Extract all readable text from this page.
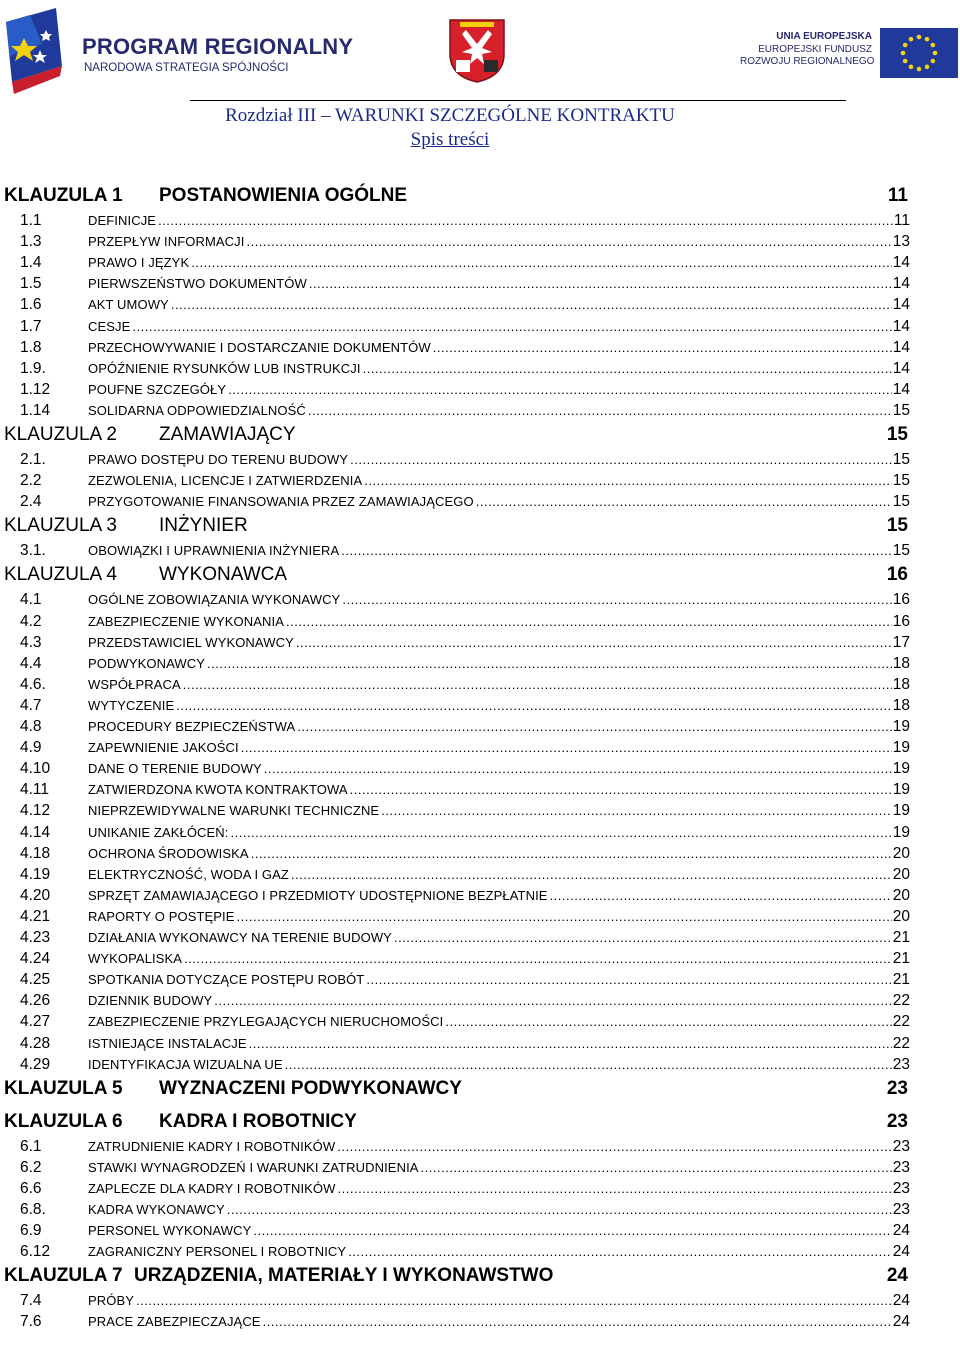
PROGRAM REGIONALNY
NARODOWA STRATEGIA SPÓJNOŚCI
UNIA EUROPEJSKA
EUROPEJSKI FUNDUSZ
ROZWOJU REGIONALNEGO
Rozdział III – WARUNKI SZCZEGÓLNE KONTRAKTU
Spis treści
KLAUZULA 1 POSTANOWIENIA OGÓLNE	11
1.1	DEFINICJE .....	11
1.3	PRZEPŁYW INFORMACJI .....	13
1.4	PRAWO I JĘZYK .....	14
1.5	PIERWSZEŃSTWO DOKUMENTÓW .....	14
1.6	AKT UMOWY .....	14
1.7	CESJE .....	14
1.8	PRZECHOWYWANIE I DOSTARCZANIE DOKUMENTÓW .....	14
1.9.	OPÓŹNIENIE RYSUNKÓW LUB INSTRUKCJI .....	14
1.12	POUFNE SZCZEGÓŁY .....	14
1.14	SOLIDARNA ODPOWIEDZIALNOŚĆ .....	15
KLAUZULA 2 ZAMAWIAJĄCY	15
2.1.	PRAWO DOSTĘPU DO TERENU BUDOWY .....	15
2.2	ZEZWOLENIA, LICENCJE I ZATWIERDZENIA .....	15
2.4	PRZYGOTOWANIE FINANSOWANIA PRZEZ ZAMAWIAJĄCEGO .....	15
KLAUZULA 3 INŻYNIER	15
3.1.	OBOWIĄZKI I UPRAWNIENIA INŻYNIERA .....	15
KLAUZULA 4 WYKONAWCA	16
4.1	OGÓLNE ZOBOWIĄZANIA WYKONAWCY .....	16
4.2	ZABEZPIECZENIE WYKONANIA .....	16
4.3	PRZEDSTAWICIEL WYKONAWCY .....	17
4.4	PODWYKONAWCY .....	18
4.6.	WSPÓŁPRACA .....	18
4.7	WYTYCZENIE .....	18
4.8	PROCEDURY BEZPIECZEŃSTWA .....	19
4.9	ZAPEWNIENIE JAKOŚCI .....	19
4.10	DANE O TERENIE BUDOWY .....	19
4.11	ZATWIERDZONA KWOTA KONTRAKTOWA .....	19
4.12	NIEPRZEWIDYWALNE WARUNKI TECHNICZNE .....	19
4.14	UNIKANIE ZAKŁÓCEŃ: .....	19
4.18	OCHRONA ŚRODOWISKA .....	20
4.19	ELEKTRYCZNOŚĆ, WODA I GAZ .....	20
4.20	SPRZĘT ZAMAWIAJĄCEGO I PRZEDMIOTY UDOSTĘPNIONE BEZPŁATNIE .....	20
4.21	RAPORTY O POSTĘPIE .....	20
4.23	DZIAŁANIA WYKONAWCY NA TERENIE BUDOWY .....	21
4.24	WYKOPALISKA .....	21
4.25	SPOTKANIA DOTYCZĄCE POSTĘPU ROBÓT .....	21
4.26	DZIENNIK BUDOWY .....	22
4.27	ZABEZPIECZENIE PRZYLEGAJĄCYCH NIERUCHOMOŚCI .....	22
4.28	ISTNIEJĄCE INSTALACJE .....	22
4.29	IDENTYFIKACJA WIZUALNA UE .....	23
KLAUZULA 5 WYZNACZENI PODWYKONAWCY	23
KLAUZULA 6 KADRA I ROBOTNICY	23
6.1	ZATRUDNIENIE KADRY I ROBOTNIKÓW .....	23
6.2	STAWKI WYNAGRODZEŃ I WARUNKI ZATRUDNIENIA .....	23
6.6	ZAPLECZE DLA KADRY I ROBOTNIKÓW .....	23
6.8.	KADRA WYKONAWCY .....	23
6.9	PERSONEL WYKONAWCY .....	24
6.12	ZAGRANICZNY PERSONEL I ROBOTNICY .....	24
KLAUZULA 7 URZĄDZENIA, MATERIAŁY I WYKONAWSTWO	24
7.4	PRÓBY .....	24
7.6	PRACE ZABEZPIECZAJĄCE .....	24
